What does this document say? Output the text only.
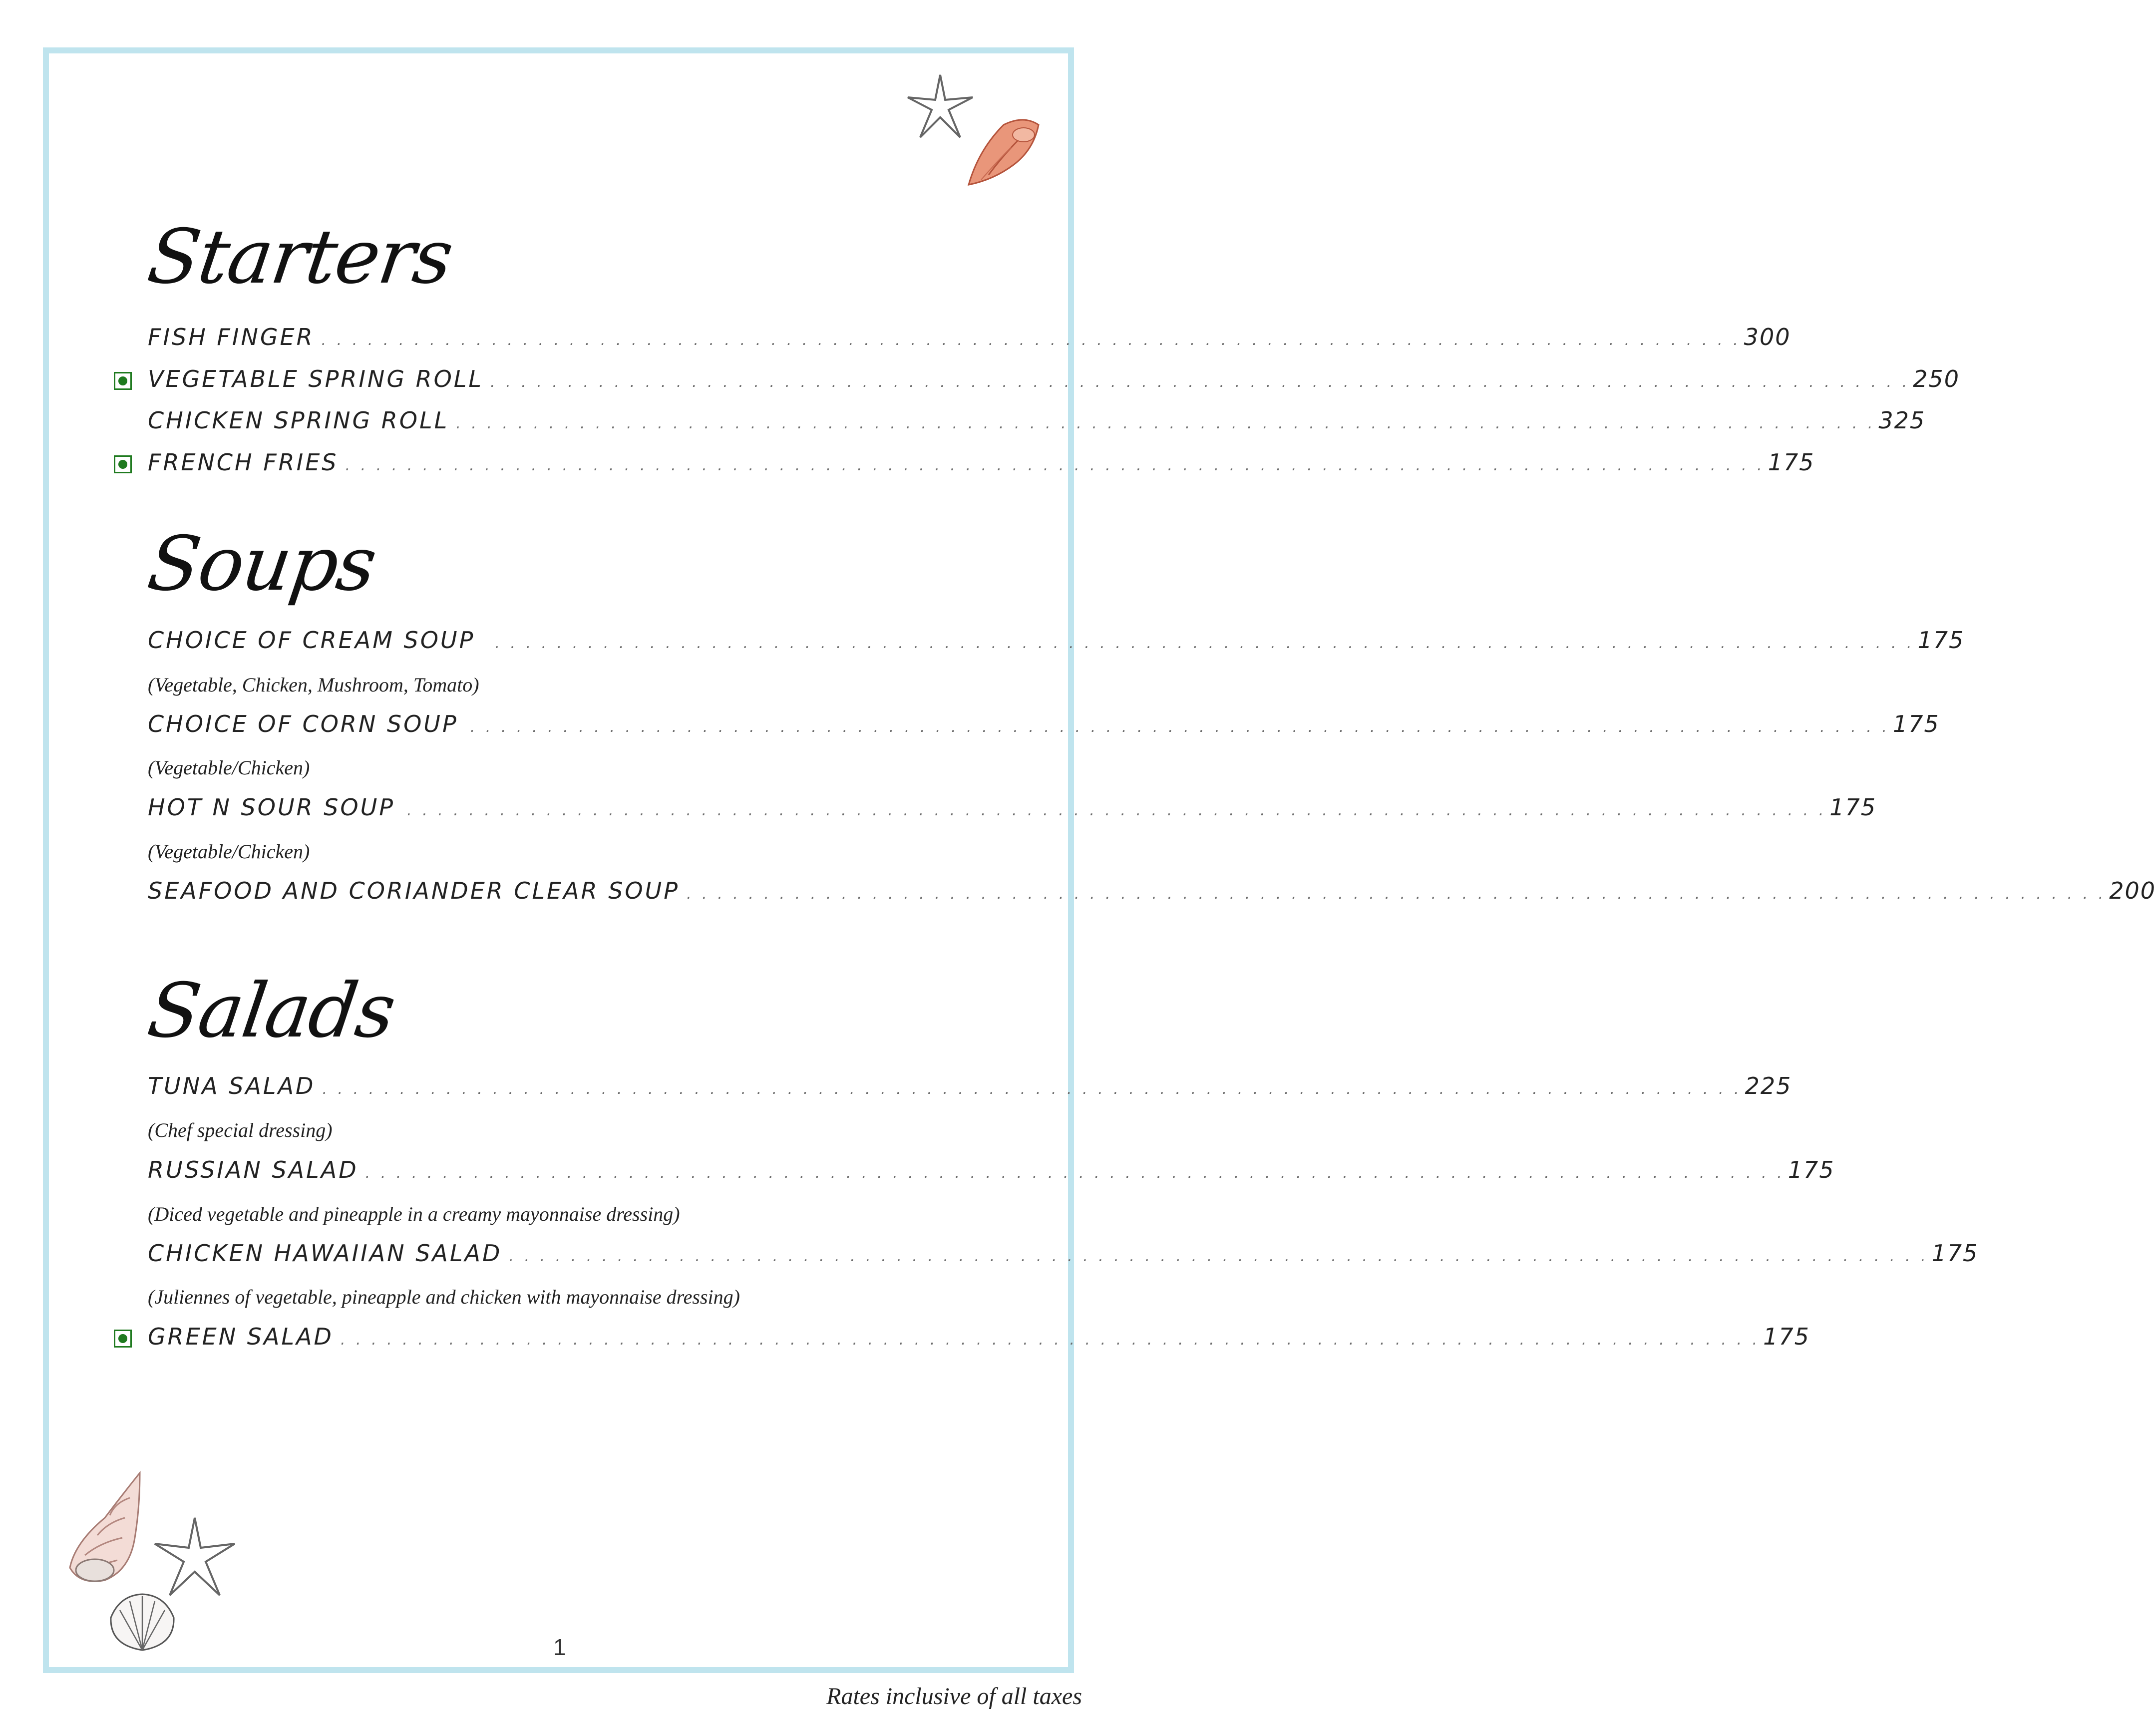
Starters
FISH FINGER . . . . . . . . . . . . . . . . . . . . . . . . . . . . . . . . . . . . . . . . . . . . . . . . . . . . . . . . . . . . . . . . . . . . . . . . . . . . . . . . . . . . . . . . . . . . 300
VEGETABLE SPRING ROLL . . . . . . . . . . . . . . . . . . . . . . . . . . . . . . . . . . . . . . . . . . . . . . . . . . . . . . . . . . . . . . . . . . . . . . . . . . . . . . . . . . . . . . . . . . . . 250
CHICKEN SPRING ROLL . . . . . . . . . . . . . . . . . . . . . . . . . . . . . . . . . . . . . . . . . . . . . . . . . . . . . . . . . . . . . . . . . . . . . . . . . . . . . . . . . . . . . . . . . . . . 325
FRENCH FRIES . . . . . . . . . . . . . . . . . . . . . . . . . . . . . . . . . . . . . . . . . . . . . . . . . . . . . . . . . . . . . . . . . . . . . . . . . . . . . . . . . . . . . . . . . . . . 175
Soups
CHOICE OF CREAM SOUP . . . . . . . . . . . . . . . . . . . . . . . . . . . . . . . . . . . . . . . . . . . . . . . . . . . . . . . . . . . . . . . . . . . . . . . . . . . . . . . . . . . . . . . . . . . . 175
(Vegetable, Chicken, Mushroom, Tomato)
CHOICE OF CORN SOUP . . . . . . . . . . . . . . . . . . . . . . . . . . . . . . . . . . . . . . . . . . . . . . . . . . . . . . . . . . . . . . . . . . . . . . . . . . . . . . . . . . . . . . . . . . . . 175
(Vegetable/Chicken)
HOT N SOUR SOUP . . . . . . . . . . . . . . . . . . . . . . . . . . . . . . . . . . . . . . . . . . . . . . . . . . . . . . . . . . . . . . . . . . . . . . . . . . . . . . . . . . . . . . . . . . . . 175
(Vegetable/Chicken)
SEAFOOD AND CORIANDER CLEAR SOUP . . . . . . . . . . . . . . . . . . . . . . . . . . . . . . . . . . . . . . . . . . . . . . . . . . . . . . . . . . . . . . . . . . . . . . . . . . . . . . . . . . . . . . . . . . . . 200
Salads
TUNA SALAD . . . . . . . . . . . . . . . . . . . . . . . . . . . . . . . . . . . . . . . . . . . . . . . . . . . . . . . . . . . . . . . . . . . . . . . . . . . . . . . . . . . . . . . . . . . . 225
(Chef special dressing)
RUSSIAN SALAD . . . . . . . . . . . . . . . . . . . . . . . . . . . . . . . . . . . . . . . . . . . . . . . . . . . . . . . . . . . . . . . . . . . . . . . . . . . . . . . . . . . . . . . . . . . . 175
(Diced vegetable and pineapple in a creamy mayonnaise dressing)
CHICKEN HAWAIIAN SALAD . . . . . . . . . . . . . . . . . . . . . . . . . . . . . . . . . . . . . . . . . . . . . . . . . . . . . . . . . . . . . . . . . . . . . . . . . . . . . . . . . . . . . . . . . . . . 175
(Juliennes of vegetable, pineapple and chicken with mayonnaise dressing)
GREEN SALAD . . . . . . . . . . . . . . . . . . . . . . . . . . . . . . . . . . . . . . . . . . . . . . . . . . . . . . . . . . . . . . . . . . . . . . . . . . . . . . . . . . . . . . . . . . . . 175
1
Rates inclusive of all taxes
